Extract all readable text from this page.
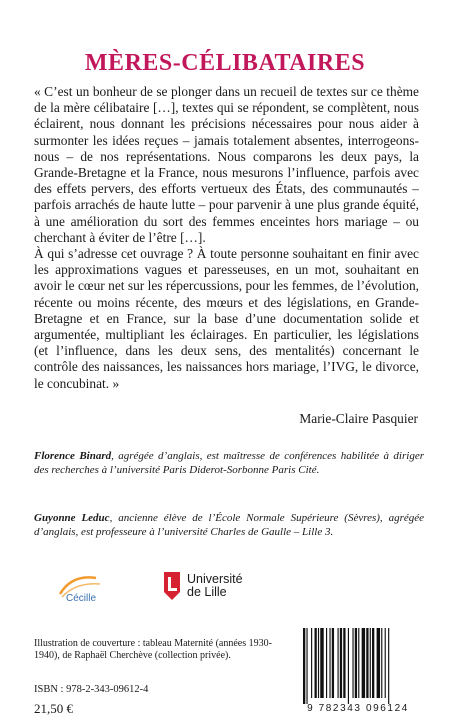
MÈRES-CÉLIBATAIRES

« C’est un bonheur de se plonger dans un recueil de textes sur ce thème de la mère célibataire […], textes qui se répondent, se complètent, nous éclairent, nous donnant les précisions nécessaires pour nous aider à surmonter les idées reçues – jamais totalement absentes, interrogeons-nous – de nos représentations. Nous comparons les deux pays, la Grande-Bretagne et la France, nous mesurons l’influence, parfois avec des effets pervers, des efforts vertueux des États, des communautés – parfois arrachés de haute lutte – pour parvenir à une plus grande équité, à une amélioration du sort des femmes enceintes hors mariage – ou cherchant à éviter de l’être […].

À qui s’adresse cet ouvrage ? À toute personne souhaitant en finir avec les approximations vagues et paresseuses, en un mot, souhaitant en avoir le cœur net sur les répercussions, pour les femmes, de l’évolution, récente ou moins récente, des mœurs et des législations, en Grande-Bretagne et en France, sur la base d’une documentation solide et argumentée, multipliant les éclairages. En particulier, les législations (et l’influence, dans les deux sens, des mentalités) concernant le contrôle des naissances, les naissances hors mariage, l’IVG, le divorce, le concubinat. »

Marie-Claire Pasquier

Florence Binard, agrégée d’anglais, est maîtresse de conférences habilitée à diriger des recherches à l’université Paris Diderot-Sorbonne Paris Cité.

Guyonne Leduc, ancienne élève de l’École Normale Supérieure (Sèvres), agrégée d’anglais, est professeure à l’université Charles de Gaulle – Lille 3.

Cécille
Université
de Lille

Illustration de couverture : tableau Maternité (années 1930-1940), de Raphaël Cherchève (collection privée).

ISBN : 978-2-343-09612-4
21,50 €	9 782343 096124
